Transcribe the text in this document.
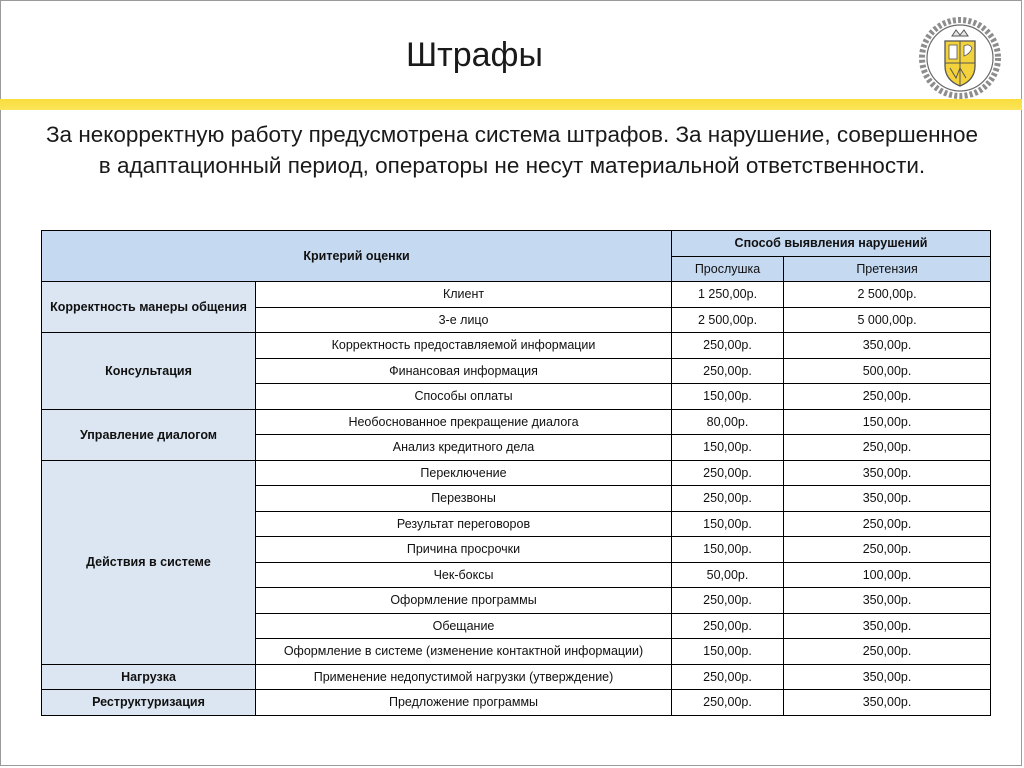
Штрафы

За некорректную работу предусмотрена система штрафов. За нарушение, совершенное в адаптационный период, операторы не несут материальной ответственности.

Критерий оценки		Способ выявления нарушений	
		Прослушка	Претензия
Корректность манеры общения	Клиент	1 250,00р.	2 500,00р.
	3-е лицо	2 500,00р.	5 000,00р.
Консультация	Корректность предоставляемой информации	250,00р.	350,00р.
	Финансовая информация	250,00р.	500,00р.
	Способы оплаты	150,00р.	250,00р.
Управление диалогом	Необоснованное прекращение диалога	80,00р.	150,00р.
	Анализ кредитного дела	150,00р.	250,00р.
Действия в системе	Переключение	250,00р.	350,00р.
	Перезвоны	250,00р.	350,00р.
	Результат переговоров	150,00р.	250,00р.
	Причина просрочки	150,00р.	250,00р.
	Чек-боксы	50,00р.	100,00р.
	Оформление программы	250,00р.	350,00р.
	Обещание	250,00р.	350,00р.
	Оформление в системе (изменение контактной информации)	150,00р.	250,00р.
Нагрузка	Применение недопустимой нагрузки (утверждение)	250,00р.	350,00р.
Реструктуризация	Предложение программы	250,00р.	350,00р.
